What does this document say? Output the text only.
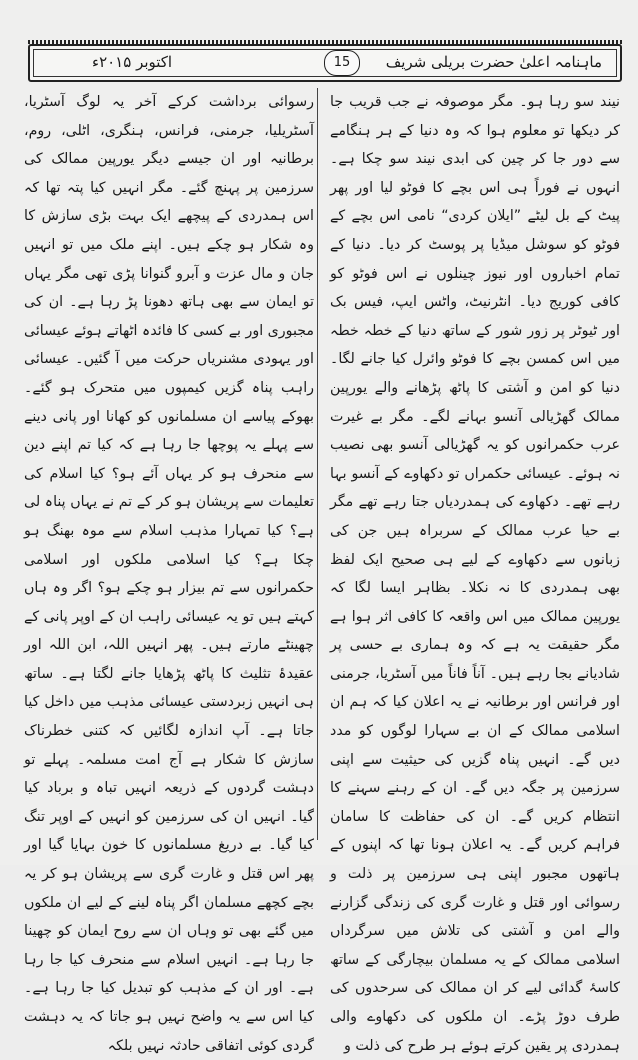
ماہنامہ اعلیٰ حضرت بریلی شریف
15
اکتوبر ۲۰۱۵ء

نیند سو رہا ہو۔ مگر موصوفہ نے جب قریب جا کر دیکھا تو معلوم ہوا کہ وہ دنیا کے ہر ہنگامے سے دور جا کر چین کی ابدی نیند سو چکا ہے۔ انہوں نے فوراً ہی اس بچے کا فوٹو لیا اور پھر پیٹ کے بل لیٹے ”ایلان کردی“ نامی اس بچے کے فوٹو کو سوشل میڈیا پر پوسٹ کر دیا۔ دنیا کے تمام اخباروں اور نیوز چینلوں نے اس فوٹو کو کافی کوریج دیا۔ انٹرنیٹ، واٹس ایپ، فیس بک اور ٹیوٹر پر زور شور کے ساتھ دنیا کے خطہ خطہ میں اس کمسن بچے کا فوٹو وائرل کیا جانے لگا۔ دنیا کو امن و آشتی کا پاٹھ پڑھانے والے یورپین ممالک گھڑیالی آنسو بہانے لگے۔ مگر بے غیرت عرب حکمرانوں کو یہ گھڑیالی آنسو بھی نصیب نہ ہوئے۔ عیسائی حکمراں تو دکھاوے کے آنسو بہا رہے تھے۔ دکھاوے کی ہمدردیاں جتا رہے تھے مگر بے حیا عرب ممالک کے سربراہ ہیں جن کی زبانوں سے دکھاوے کے لیے ہی صحیح ایک لفظ بھی ہمدردی کا نہ نکلا۔ بظاہر ایسا لگا کہ یورپین ممالک میں اس واقعہ کا کافی اثر ہوا ہے مگر حقیقت یہ ہے کہ وہ ہماری بے حسی پر شادیانے بجا رہے ہیں۔ آناً فاناً میں آسٹریا، جرمنی اور فرانس اور برطانیہ نے یہ اعلان کیا کہ ہم ان اسلامی ممالک کے ان بے سہارا لوگوں کو مدد دیں گے۔ انہیں پناہ گزیں کی حیثیت سے اپنی سرزمین پر جگہ دیں گے۔ ان کے رہنے سہنے کا انتظام کریں گے۔ ان کی حفاظت کا سامان فراہم کریں گے۔ یہ اعلان ہونا تھا کہ اپنوں کے ہاتھوں مجبور اپنی ہی سرزمین پر ذلت و رسوائی اور قتل و غارت گری کی زندگی گزارنے والے امن و آشتی کی تلاش میں سرگرداں اسلامی ممالک کے یہ مسلمان بیچارگی کے ساتھ کاسۂ گدائی لیے کر ان ممالک کی سرحدوں کی طرف دوڑ پڑے۔ ان ملکوں کی دکھاوے والی ہمدردی پر یقین کرتے ہوئے ہر طرح کی ذلت و

رسوائی برداشت کرکے آخر یہ لوگ آسٹریا، آسٹریلیا، جرمنی، فرانس، ہنگری، اٹلی، روم، برطانیہ اور ان جیسے دیگر یورپین ممالک کی سرزمین پر پہنچ گئے۔ مگر انہیں کیا پتہ تھا کہ اس ہمدردی کے پیچھے ایک بہت بڑی سازش کا وہ شکار ہو چکے ہیں۔ اپنے ملک میں تو انہیں جان و مال عزت و آبرو گنوانا پڑی تھی مگر یہاں تو ایمان سے بھی ہاتھ دھونا پڑ رہا ہے۔ ان کی مجبوری اور بے کسی کا فائدہ اٹھاتے ہوئے عیسائی اور یہودی مشنریاں حرکت میں آ گئیں۔ عیسائی راہب پناہ گزیں کیمپوں میں متحرک ہو گئے۔ بھوکے پیاسے ان مسلمانوں کو کھانا اور پانی دینے سے پہلے یہ پوچھا جا رہا ہے کہ کیا تم اپنے دین سے منحرف ہو کر یہاں آئے ہو؟ کیا اسلام کی تعلیمات سے پریشان ہو کر کے تم نے یہاں پناہ لی ہے؟ کیا تمہارا مذہب اسلام سے موہ بھنگ ہو چکا ہے؟ کیا اسلامی ملکوں اور اسلامی حکمرانوں سے تم بیزار ہو چکے ہو؟ اگر وہ ہاں کہتے ہیں تو یہ عیسائی راہب ان کے اوپر پانی کے چھینٹے مارتے ہیں۔ پھر انہیں اللہ، ابن اللہ اور عقیدۂ تثلیث کا پاٹھ پڑھایا جانے لگتا ہے۔ ساتھ ہی انہیں زبردستی عیسائی مذہب میں داخل کیا جاتا ہے۔ آپ اندازہ لگائیں کہ کتنی خطرناک سازش کا شکار ہے آج امت مسلمہ۔ پہلے تو دہشت گردوں کے ذریعہ انہیں تباہ و برباد کیا گیا۔ انہیں ان کی سرزمین کو انہیں کے اوپر تنگ کیا گیا۔ بے دریغ مسلمانوں کا خون بہایا گیا اور پھر اس قتل و غارت گری سے پریشان ہو کر یہ بچے کچھے مسلمان اگر پناہ لینے کے لیے ان ملکوں میں گئے بھی تو وہاں ان سے روح ایمان کو چھینا جا رہا ہے۔ انہیں اسلام سے منحرف کیا جا رہا ہے۔ اور ان کے مذہب کو تبدیل کیا جا رہا ہے۔ کیا اس سے یہ واضح نہیں ہو جاتا کہ یہ دہشت گردی کوئی اتفاقی حادثہ نہیں بلکہ
